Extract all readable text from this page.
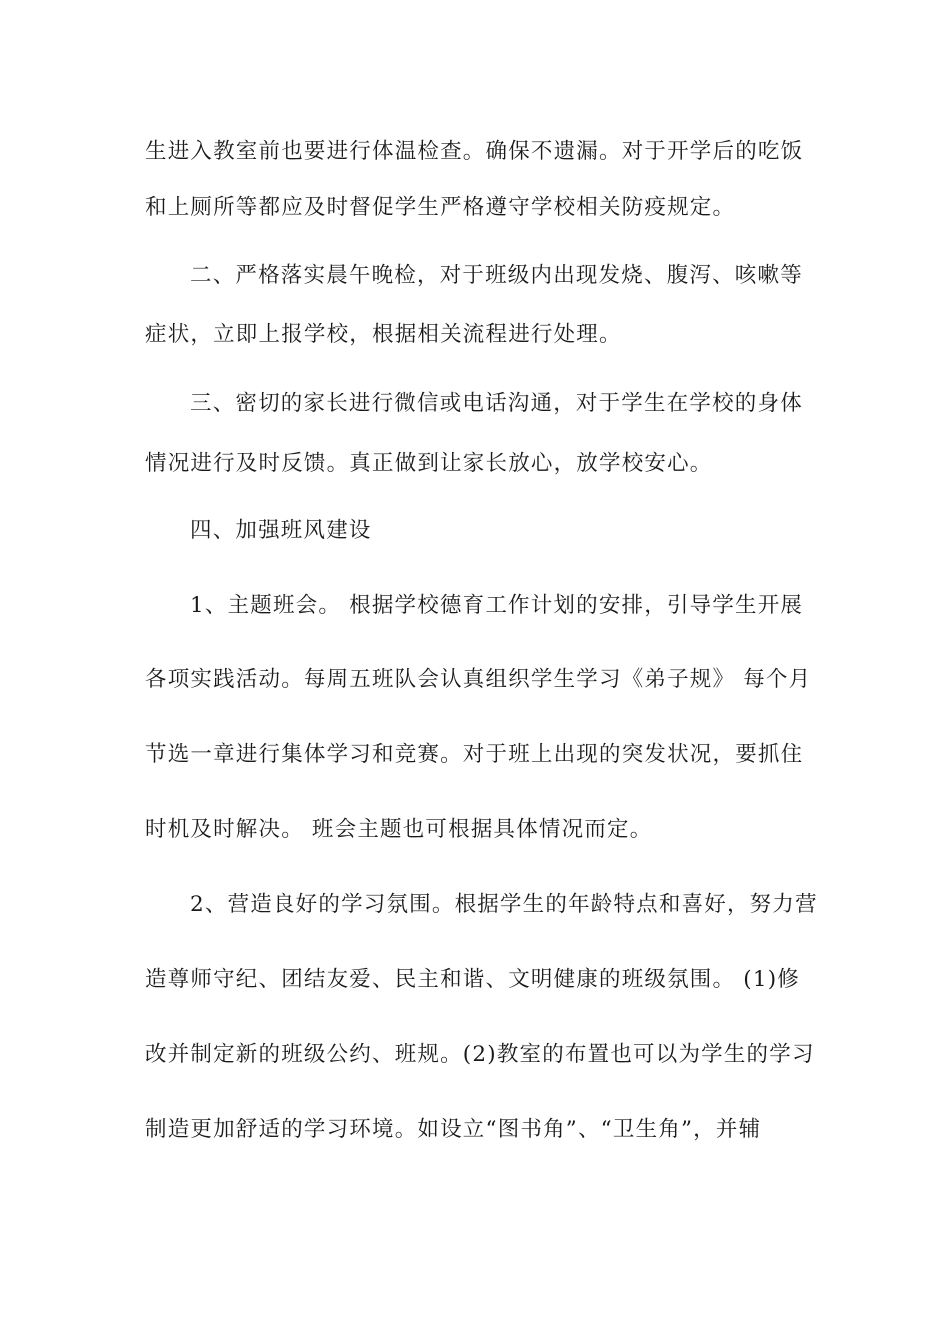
生进入教室前也要进行体温检查。确保不遗漏。对于开学后的吃饭
和上厕所等都应及时督促学生严格遵守学校相关防疫规定。
二、严格落实晨午晚检，对于班级内出现发烧、腹泻、咳嗽等
症状，立即上报学校，根据相关流程进行处理。
三、密切的家长进行微信或电话沟通，对于学生在学校的身体
情况进行及时反馈。真正做到让家长放心，放学校安心。
四、加强班风建设
1、主题班会。 根据学校德育工作计划的安排，引导学生开展
各项实践活动。每周五班队会认真组织学生学习《弟子规》 每个月
节选一章进行集体学习和竞赛。对于班上出现的突发状况，要抓住
时机及时解决。 班会主题也可根据具体情况而定。
2、营造良好的学习氛围。根据学生的年龄特点和喜好，努力营
造尊师守纪、团结友爱、民主和谐、文明健康的班级氛围。 (1)修
改并制定新的班级公约、班规。(2)教室的布置也可以为学生的学习
制造更加舒适的学习环境。如设立“图书角”、“卫生角”，并辅
